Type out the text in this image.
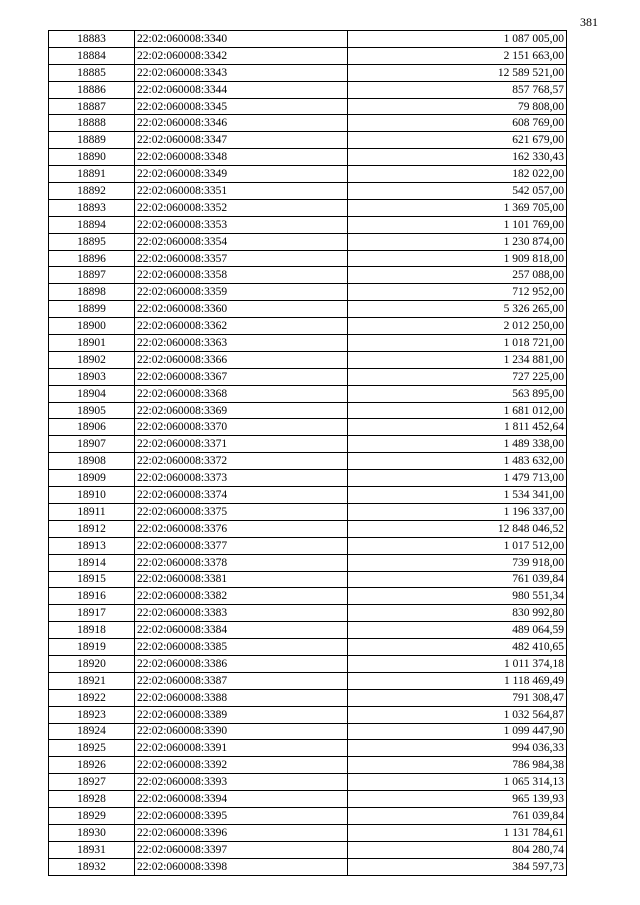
381
18883	22:02:060008:3340	1 087 005,00
18884	22:02:060008:3342	2 151 663,00
18885	22:02:060008:3343	12 589 521,00
18886	22:02:060008:3344	857 768,57
18887	22:02:060008:3345	79 808,00
18888	22:02:060008:3346	608 769,00
18889	22:02:060008:3347	621 679,00
18890	22:02:060008:3348	162 330,43
18891	22:02:060008:3349	182 022,00
18892	22:02:060008:3351	542 057,00
18893	22:02:060008:3352	1 369 705,00
18894	22:02:060008:3353	1 101 769,00
18895	22:02:060008:3354	1 230 874,00
18896	22:02:060008:3357	1 909 818,00
18897	22:02:060008:3358	257 088,00
18898	22:02:060008:3359	712 952,00
18899	22:02:060008:3360	5 326 265,00
18900	22:02:060008:3362	2 012 250,00
18901	22:02:060008:3363	1 018 721,00
18902	22:02:060008:3366	1 234 881,00
18903	22:02:060008:3367	727 225,00
18904	22:02:060008:3368	563 895,00
18905	22:02:060008:3369	1 681 012,00
18906	22:02:060008:3370	1 811 452,64
18907	22:02:060008:3371	1 489 338,00
18908	22:02:060008:3372	1 483 632,00
18909	22:02:060008:3373	1 479 713,00
18910	22:02:060008:3374	1 534 341,00
18911	22:02:060008:3375	1 196 337,00
18912	22:02:060008:3376	12 848 046,52
18913	22:02:060008:3377	1 017 512,00
18914	22:02:060008:3378	739 918,00
18915	22:02:060008:3381	761 039,84
18916	22:02:060008:3382	980 551,34
18917	22:02:060008:3383	830 992,80
18918	22:02:060008:3384	489 064,59
18919	22:02:060008:3385	482 410,65
18920	22:02:060008:3386	1 011 374,18
18921	22:02:060008:3387	1 118 469,49
18922	22:02:060008:3388	791 308,47
18923	22:02:060008:3389	1 032 564,87
18924	22:02:060008:3390	1 099 447,90
18925	22:02:060008:3391	994 036,33
18926	22:02:060008:3392	786 984,38
18927	22:02:060008:3393	1 065 314,13
18928	22:02:060008:3394	965 139,93
18929	22:02:060008:3395	761 039,84
18930	22:02:060008:3396	1 131 784,61
18931	22:02:060008:3397	804 280,74
18932	22:02:060008:3398	384 597,73
